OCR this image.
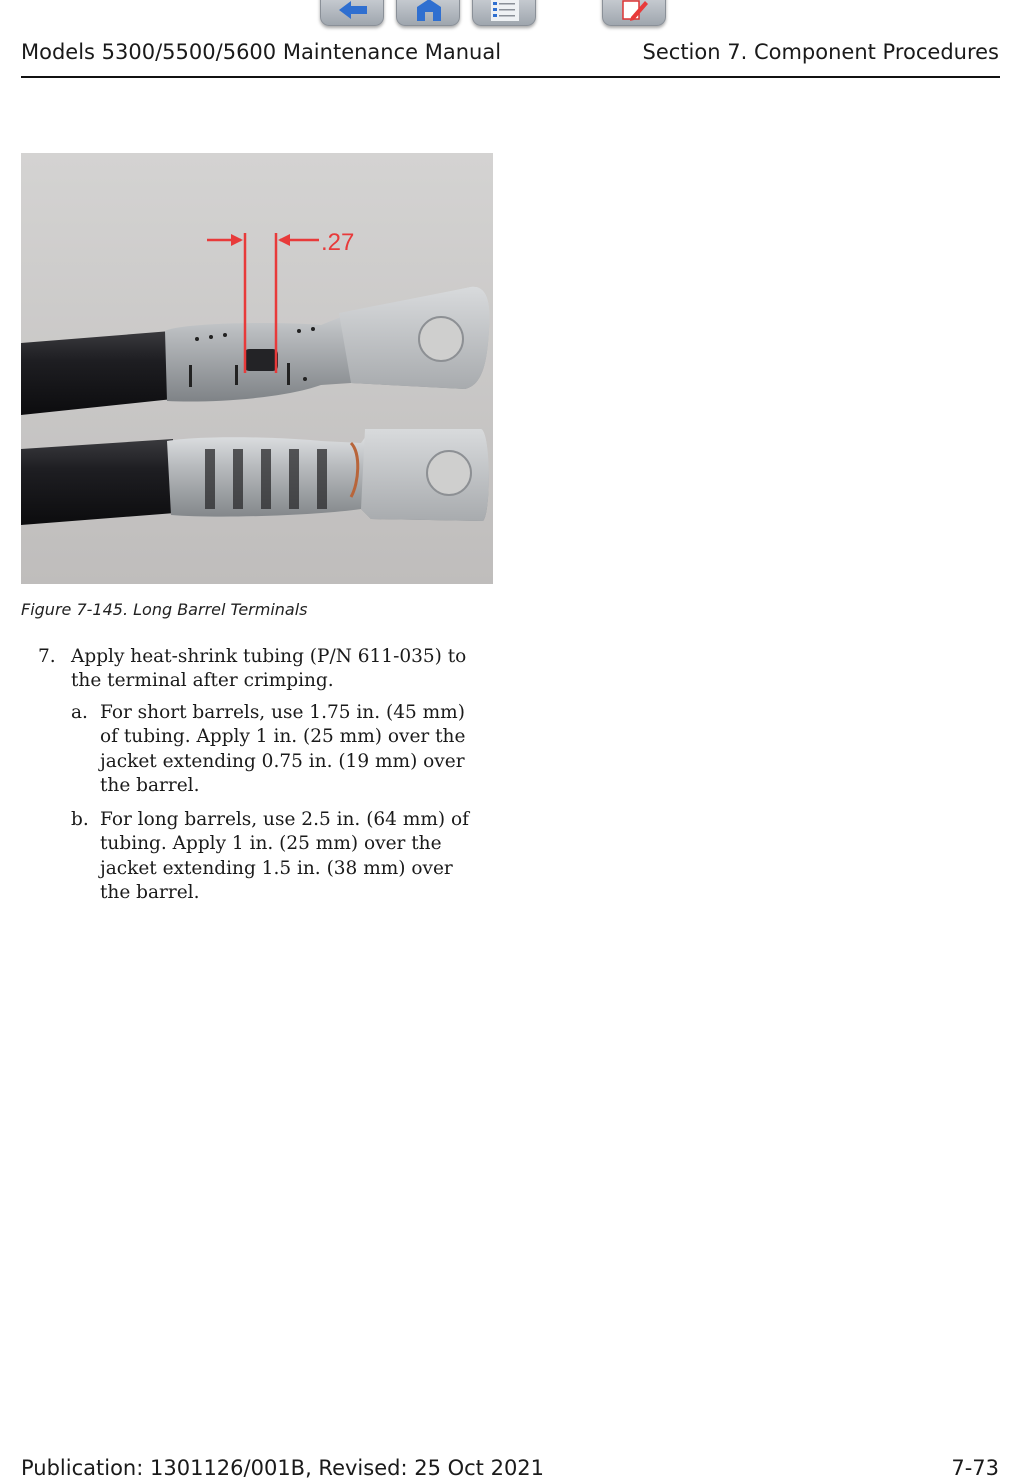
Models 5300/5500/5600 Maintenance Manual	Section 7. Component Procedures
.27
Figure 7-145. Long Barrel Terminals
7. Apply heat-shrink tubing (P/N 611-035) to
the terminal after crimping.
a. For short barrels, use 1.75 in. (45 mm)
of tubing. Apply 1 in. (25 mm) over the
jacket extending 0.75 in. (19 mm) over
the barrel.
b. For long barrels, use 2.5 in. (64 mm) of
tubing. Apply 1 in. (25 mm) over the
jacket extending 1.5 in. (38 mm) over
the barrel.
Publication: 1301126/001B, Revised: 25 Oct 2021	7-73
